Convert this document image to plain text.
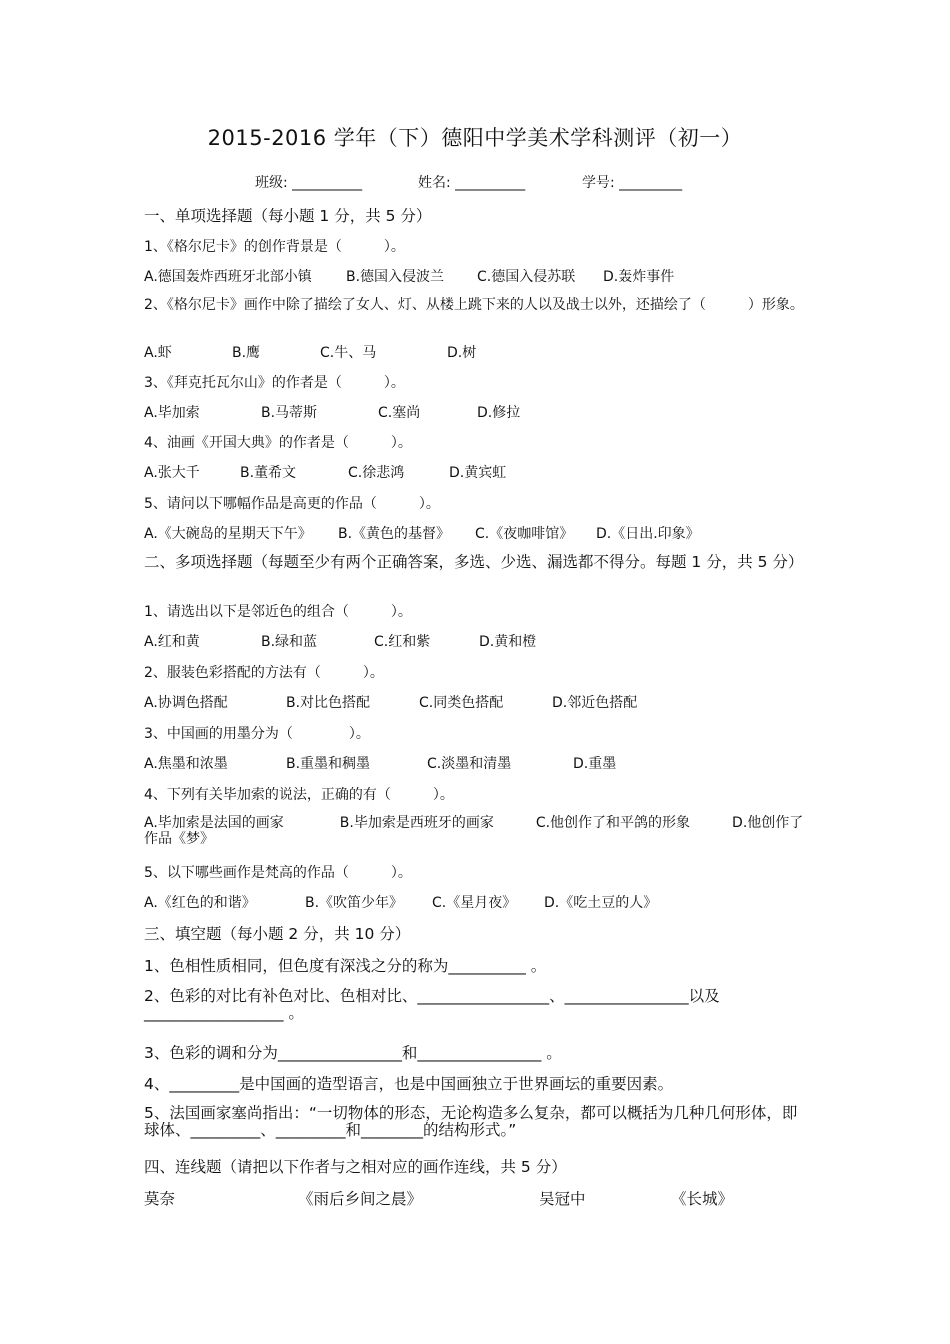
2015-2016 学年（下）德阳中学美术学科测评（初一）
班级: __________	姓名: __________	学号: _________
一、单项选择题（每小题 1 分，共 5 分）
1、《格尔尼卡》的创作背景是（　　　）。
A.德国轰炸西班牙北部小镇 B.德国入侵波兰 C.德国入侵苏联 D.轰炸事件
2、《格尔尼卡》画作中除了描绘了女人、灯、从楼上跳下来的人以及战士以外，还描绘了（　　　）形象。
A.虾	B.鹰	C.牛、马	D.树
3、《拜克托瓦尔山》的作者是（　　　）。
A.毕加索	B.马蒂斯	C.塞尚	D.修拉
4、油画《开国大典》的作者是（　　　）。
A.张大千	B.董希文	C.徐悲鸿	D.黄宾虹
5、请问以下哪幅作品是高更的作品（　　　）。
A.《大碗岛的星期天下午》 B.《黄色的基督》 C.《夜咖啡馆》 D.《日出.印象》
二、多项选择题（每题至少有两个正确答案，多选、少选、漏选都不得分。每题 1 分，共 5 分）
1、请选出以下是邻近色的组合（　　　）。
A.红和黄	B.绿和蓝	C.红和紫	D.黄和橙
2、服装色彩搭配的方法有（　　　）。
A.协调色搭配	B.对比色搭配	C.同类色搭配	D.邻近色搭配
3、中国画的用墨分为（　　　　）。
A.焦墨和浓墨	B.重墨和稠墨	C.淡墨和清墨	D.重墨
4、下列有关毕加索的说法，正确的有（　　　）。
A.毕加索是法国的画家　　　　B.毕加索是西班牙的画家　　　C.他创作了和平鸽的形象　　　D.他创作了作品《梦》
5、以下哪些画作是梵高的作品（　　　）。
A.《红色的和谐》	B.《吹笛少年》 C.《星月夜》 D.《吃土豆的人》
三、填空题（每小题 2 分，共 10 分）
1、色相性质相同，但色度有深浅之分的称为__________ 。
2、色彩的对比有补色对比、色相对比、_________________、________________以及__________________ 。
3、色彩的调和分为________________和________________ 。
4、_________是中国画的造型语言，也是中国画独立于世界画坛的重要因素。
5、法国画家塞尚指出：“一切物体的形态，无论构造多么复杂，都可以概括为几种几何形体，即球体、_________、_________和________的结构形式。”
四、连线题（请把以下作者与之相对应的画作连线，共 5 分）
莫奈	《雨后乡间之晨》	吴冠中	《长城》
